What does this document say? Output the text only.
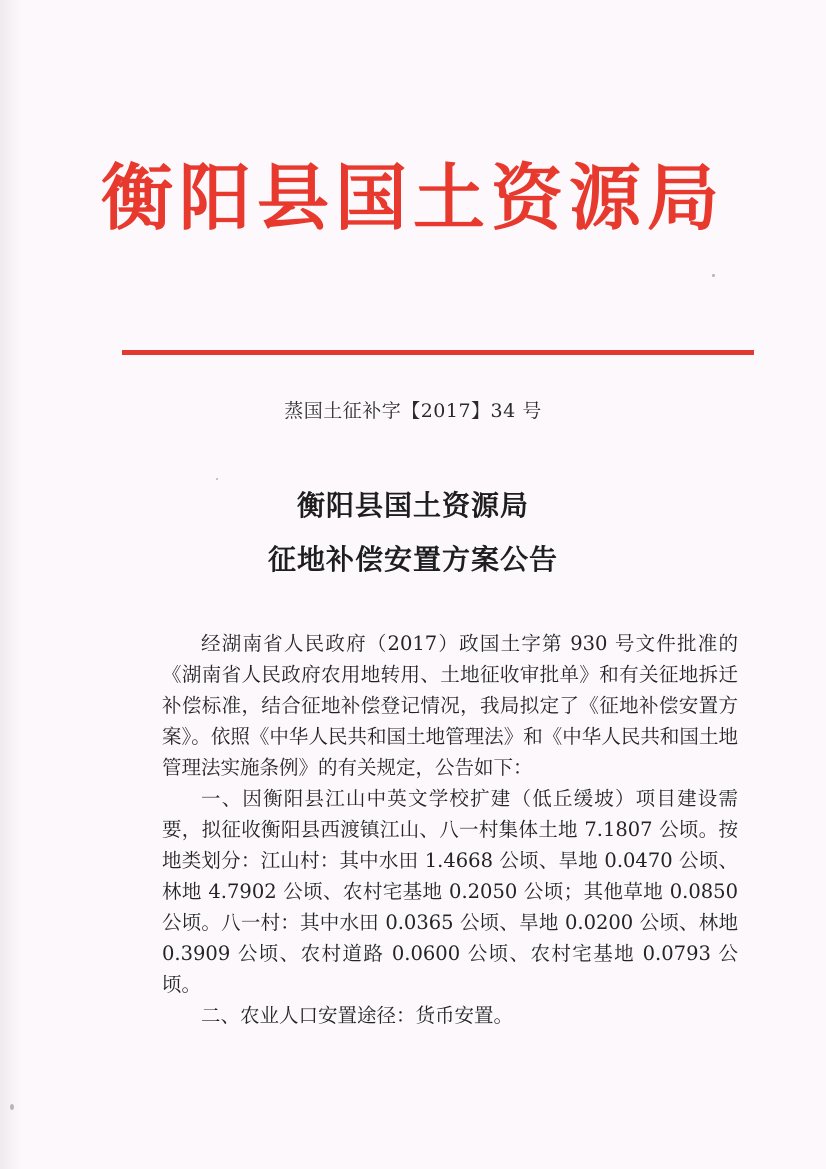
衡阳县国土资源局
蒸国土征补字【2017】34 号
衡阳县国土资源局
征地补偿安置方案公告

经湖南省人民政府（2017）政国土字第 930 号文件批准的《湖南省人民政府农用地转用、土地征收审批单》和有关征地拆迁补偿标准，结合征地补偿登记情况，我局拟定了《征地补偿安置方案》。依照《中华人民共和国土地管理法》和《中华人民共和国土地管理法实施条例》的有关规定，公告如下：

一、因衡阳县江山中英文学校扩建（低丘缓坡）项目建设需要，拟征收衡阳县西渡镇江山、八一村集体土地 7.1807 公顷。按地类划分：江山村：其中水田 1.4668 公顷、旱地 0.0470 公顷、林地 4.7902 公顷、农村宅基地 0.2050 公顷；其他草地 0.0850 公顷。八一村：其中水田 0.0365 公顷、旱地 0.0200 公顷、林地 0.3909 公顷、农村道路 0.0600 公顷、农村宅基地 0.0793 公顷。

二、农业人口安置途径：货币安置。
